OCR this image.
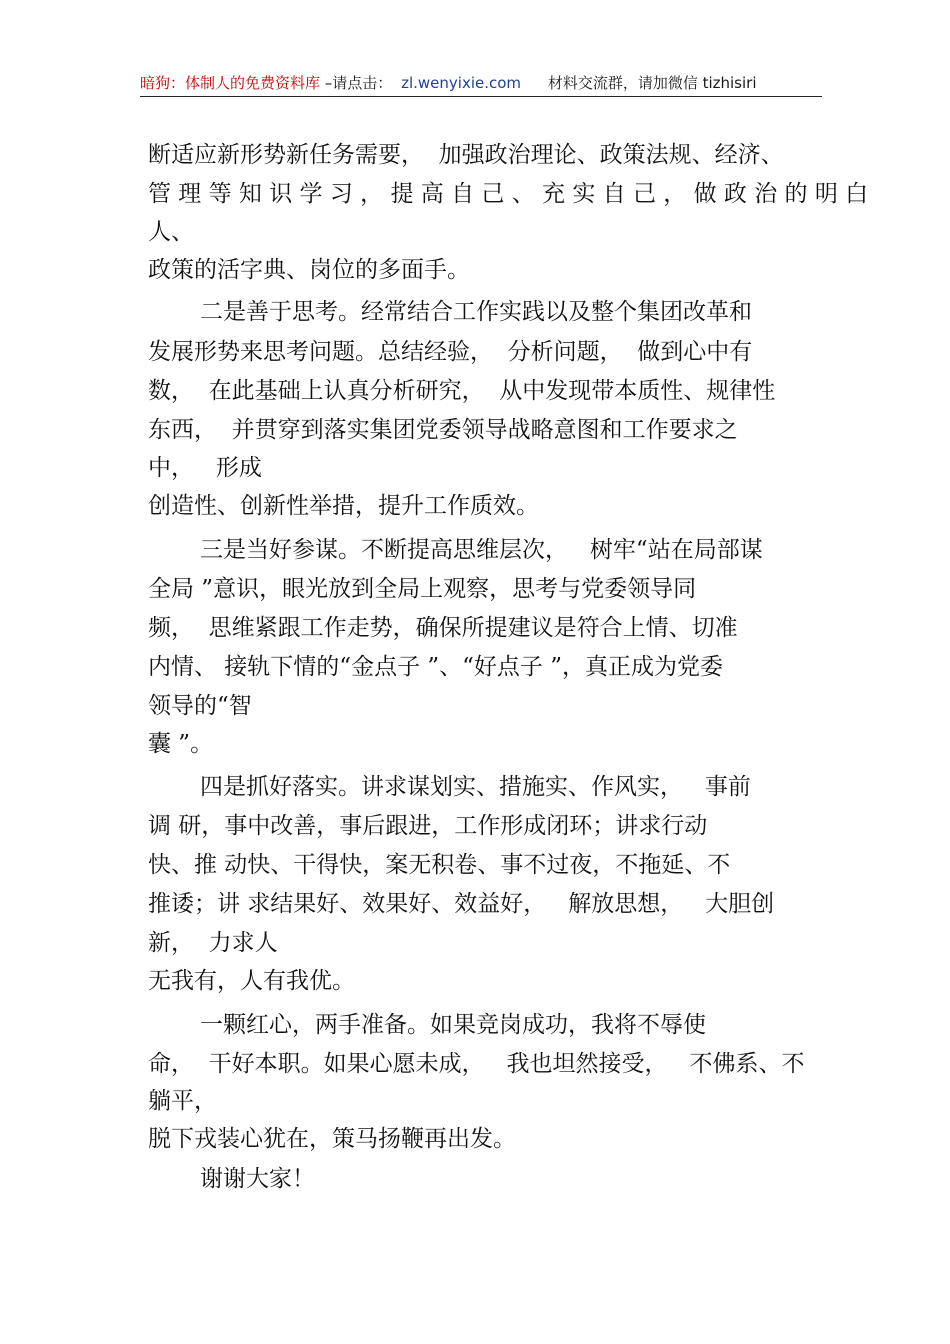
暗狗：体制人的免费资料库 –请点击： zl.wenyixie.com 材料交流群，请加微信 tizhisiri
断适应新形势新任务需要，  加强政治理论、政策法规、经济、
管 理 等 知 识 学 习 ， 提 高 自 己 、 充 实 自 己 ， 做 政 治 的 明 白
人、
政策的活字典、岗位的多面手。
二是善于思考。经常结合工作实践以及整个集团改革和
发展形势来思考问题。总结经验，  分析问题，  做到心中有
数，  在此基础上认真分析研究，  从中发现带本质性、规律性
东西，  并贯穿到落实集团党委领导战略意图和工作要求之
中，   形成
创造性、创新性举措，提升工作质效。
三是当好参谋。不断提高思维层次，   树牢“站在局部谋
全局 ”意识，眼光放到全局上观察，思考与党委领导同
频，  思维紧跟工作走势，确保所提建议是符合上情、切准
内情、 接轨下情的“金点子 ”、“好点子 ”，真正成为党委
领导的“智
囊 ”。
四是抓好落实。讲求谋划实、措施实、作风实，   事前
调 研，事中改善，事后跟进，工作形成闭环；讲求行动
快、推 动快、干得快，案无积卷、事不过夜，不拖延、不
推诿；讲 求结果好、效果好、效益好，   解放思想，   大胆创
新，  力求人
无我有，人有我优。
一颗红心，两手准备。如果竞岗成功，我将不辱使
命，  干好本职。如果心愿未成，   我也坦然接受，   不佛系、不
躺平，
脱下戎装心犹在，策马扬鞭再出发。
谢谢大家！
